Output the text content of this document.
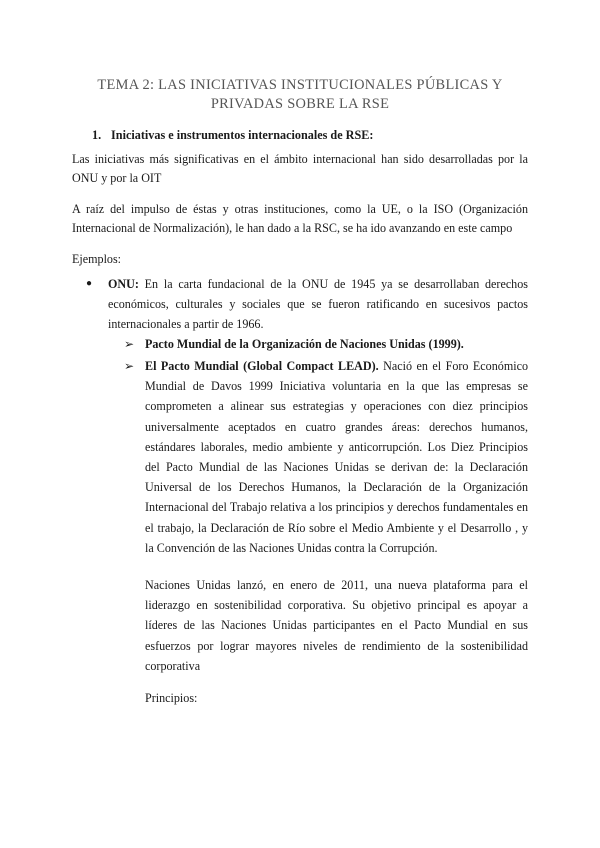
TEMA 2: LAS INICIATIVAS INSTITUCIONALES PÚBLICAS Y
PRIVADAS SOBRE LA RSE
1. Iniciativas e instrumentos internacionales de RSE:
Las iniciativas más significativas en el ámbito internacional han sido desarrolladas por la ONU y por la OIT
A raíz del impulso de éstas y otras instituciones, como la UE, o la ISO (Organización Internacional de Normalización), le han dado a la RSC, se ha ido avanzando en este campo
Ejemplos:
● ONU: En la carta fundacional de la ONU de 1945 ya se desarrollaban derechos económicos, culturales y sociales que se fueron ratificando en sucesivos pactos internacionales a partir de 1966.
➢ Pacto Mundial de la Organización de Naciones Unidas (1999).
➢ El Pacto Mundial (Global Compact LEAD). Nació en el Foro Económico Mundial de Davos 1999 Iniciativa voluntaria en la que las empresas se comprometen a alinear sus estrategias y operaciones con diez principios universalmente aceptados en cuatro grandes áreas: derechos humanos, estándares laborales, medio ambiente y anticorrupción. Los Diez Principios del Pacto Mundial de las Naciones Unidas se derivan de: la Declaración Universal de los Derechos Humanos, la Declaración de la Organización Internacional del Trabajo relativa a los principios y derechos fundamentales en el trabajo, la Declaración de Río sobre el Medio Ambiente y el Desarrollo , y la Convención de las Naciones Unidas contra la Corrupción.
Naciones Unidas lanzó, en enero de 2011, una nueva plataforma para el liderazgo en sostenibilidad corporativa. Su objetivo principal es apoyar a líderes de las Naciones Unidas participantes en el Pacto Mundial en sus esfuerzos por lograr mayores niveles de rendimiento de la sostenibilidad corporativa
Principios:
